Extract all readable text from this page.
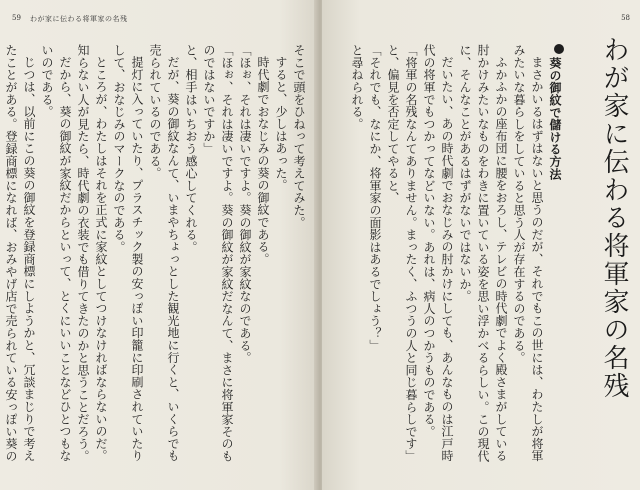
59 わが家に伝わる将軍家の名残

そこで頭をひねって考えてみた。

すると、少しはあった。

時代劇でおなじみの葵の御紋である。

「ほぉ、それは凄いですよ。葵の御紋が家紋なのである。

「ほぉ、それは凄いですよ。葵の御紋が家紋だなんて、まさに将軍家そのものではないですか」

と、相手はいちおう感心してくれる。

だが、葵の御紋なんて、いまやちょっとした観光地に行くと、いくらでも売られているのである。

提灯に入っていたり、プラスチック製の安っぽい印籠に印刷されていたりして、おなじみのマークなのである。

ところが、わたしはそれを正式に家紋としてつけなければならないのだ。知らない人が見たら、時代劇の衣装でも借りてきたのかと思うことだろう。

だから、葵の御紋が家紋だからといって、とくにいいことなどひとつもないのである。

じつは、以前にこの葵の御紋を登録商標にしようかと、冗談まじりで考えたことがある。登録商標になれば、おみやげ店で売られている安っぽい葵の

58
わが家に伝わる将軍家の名残

葵の御紋で儲ける方法

まさかいるはずはないと思うのだが、それでもこの世には、わたしが将軍みたいな暮らしをしていると思う人が存在するのである。

ふかふかの座布団に腰をおろし、テレビの時代劇でよく殿さまがしている肘かけみたいなものをわきに置いている姿を思い浮かべるらしい。この現代に、そんなことがあるはずがないではないか。

だいたい、あの時代劇でおなじみの肘かけにしても、あんなものは江戸時代の将軍でもつかってなどいない。あれは、病人のつかうものである。

「将軍の名残なんてありません。まったく、ふつうの人と同じ暮らしです」

と、偏見を否定してやると、

「それでも、なにか、将軍家の面影はあるでしょう？」

と尋ねられる。
